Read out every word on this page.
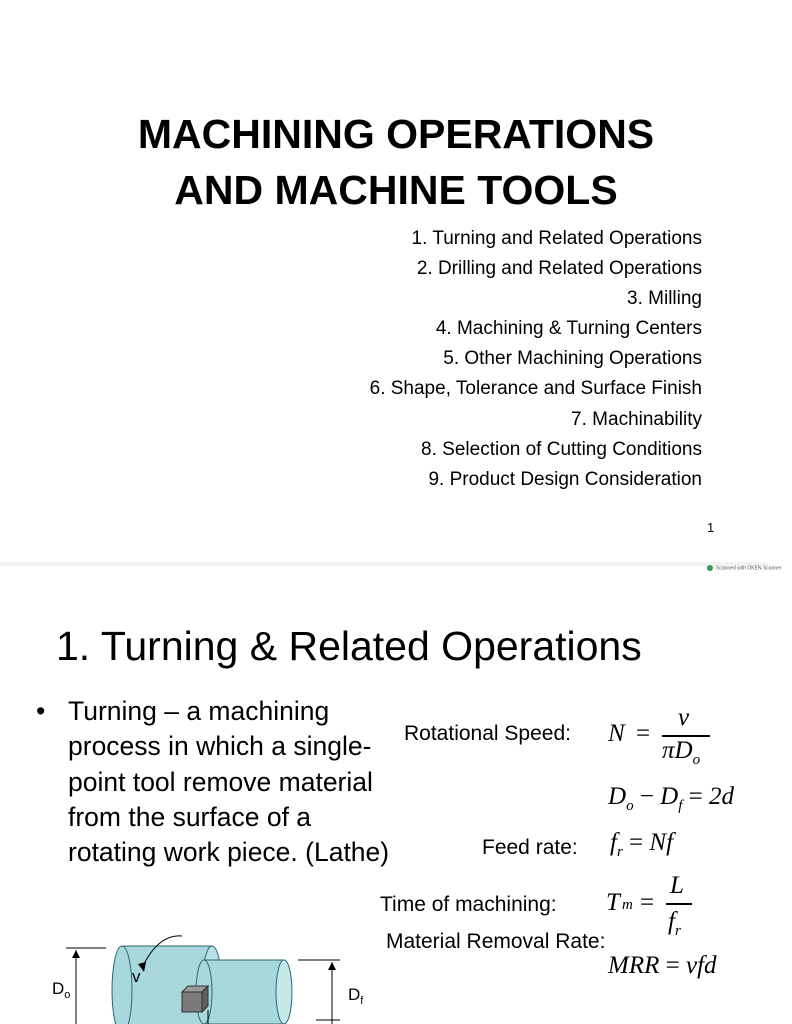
MACHINING OPERATIONS
AND MACHINE TOOLS
1. Turning and Related Operations
2. Drilling and Related Operations
3. Milling
4. Machining & Turning Centers
5. Other Machining Operations
6. Shape, Tolerance and Surface Finish
7. Machinability
8. Selection of Cutting Conditions
9. Product Design Consideration
1
Scanned with OKEN Scanner
1. Turning & Related Operations
• Turning – a machining process in which a single-point tool remove material from the surface of a rotating work piece. (Lathe)
Rotational Speed: N =
v
$\pi D_o$
$D_o - D_f = 2d$
Feed rate: $f_r = Nf$
Time of machining: T m =
L
$f_r$
Material Removal Rate:
MRR = vfd
$D_o$
v
$D_f$
